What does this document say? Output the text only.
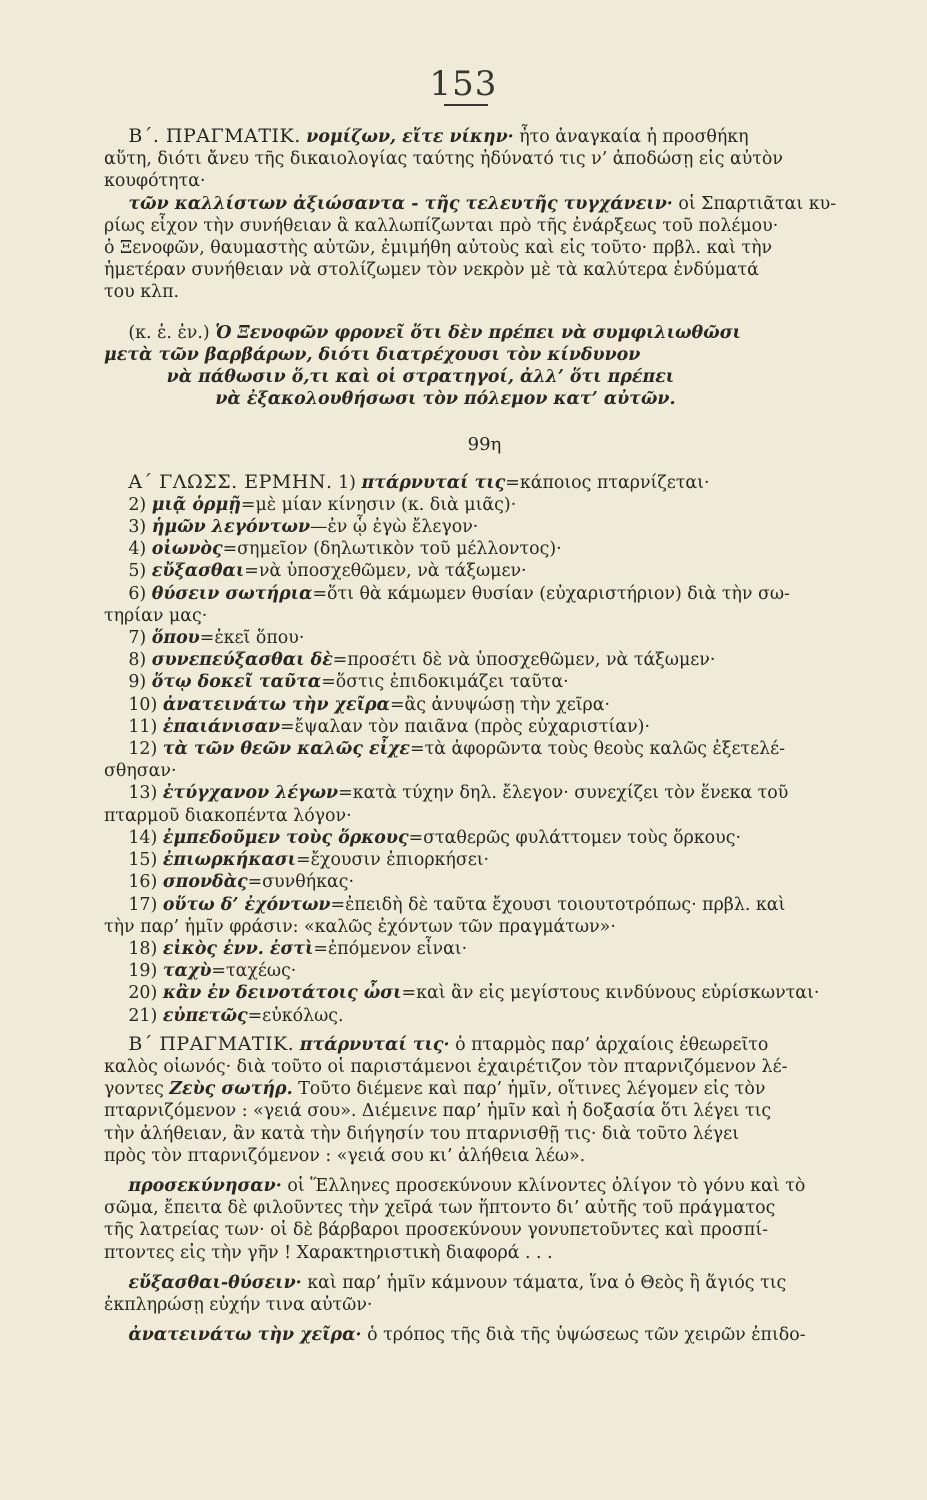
153

Β΄. ΠΡΑΓΜΑΤΙΚ. νομίζων, εἴτε νίκην· ἦτο ἀναγκαία ἡ προσθήκη

αὕτη, διότι ἄνευ τῆς δικαιολογίας ταύτης ἠδύνατό τις ν’ ἀποδώσῃ εἰς αὐτὸν

κουφότητα·

τῶν καλλίστων ἀξιώσαντα - τῆς τελευτῆς τυγχάνειν· οἱ Σπαρτιᾶται κυ-

ρίως εἶχον τὴν συνήθειαν ἃ καλλωπίζωνται πρὸ τῆς ἐνάρξεως τοῦ πολέμου·

ὁ Ξενοφῶν, θαυμαστὴς αὐτῶν, ἐμιμήθη αὐτοὺς καὶ εἰς τοῦτο· πρβλ. καὶ τὴν

ἡμετέραν συνήθειαν νὰ στολίζωμεν τὸν νεκρὸν μὲ τὰ καλύτερα ἐνδύματά

του κλπ.

(κ. ἑ. ἐν.) Ὁ Ξενοφῶν φρονεῖ ὅτι δὲν πρέπει νὰ συμφιλιωθῶσι

μετὰ τῶν βαρβάρων, διότι διατρέχουσι τὸν κίνδυνον

νὰ πάθωσιν ὅ,τι καὶ οἱ στρατηγοί, ἀλλ’ ὅτι πρέπει

νὰ ἐξακολουθήσωσι τὸν πόλεμον κατ’ αὐτῶν.

99η

Α΄ ΓΛΩΣΣ. ΕΡΜΗΝ. 1) πτάρνυταί τις=κάποιος πταρνίζεται·

2) μιᾷ ὁρμῇ=μὲ μίαν κίνησιν (κ. διὰ μιᾶς)·

3) ἡμῶν λεγόντων—ἐν ᾧ ἐγὼ ἔλεγον·

4) οἰωνὸς=σημεῖον (δηλωτικὸν τοῦ μέλλοντος)·

5) εὔξασθαι=νὰ ὑποσχεθῶμεν, νὰ τάξωμεν·

6) θύσειν σωτήρια=ὅτι θὰ κάμωμεν θυσίαν (εὐχαριστήριον) διὰ τὴν σω-

τηρίαν μας·

7) ὅπου=ἐκεῖ ὅπου·

8) συνεπεύξασθαι δὲ=προσέτι δὲ νὰ ὑποσχεθῶμεν, νὰ τάξωμεν·

9) ὅτῳ δοκεῖ ταῦτα=ὅστις ἐπιδοκιμάζει ταῦτα·

10) ἀνατεινάτω τὴν χεῖρα=ἂς ἀνυψώσῃ τὴν χεῖρα·

11) ἐπαιάνισαν=ἔψαλαν τὸν παιᾶνα (πρὸς εὐχαριστίαν)·

12) τὰ τῶν θεῶν καλῶς εἶχε=τὰ ἀφορῶντα τοὺς θεοὺς καλῶς ἐξετελέ-

σθησαν·

13) ἐτύγχανον λέγων=κατὰ τύχην δηλ. ἔλεγον· συνεχίζει τὸν ἕνεκα τοῦ

πταρμοῦ διακοπέντα λόγον·

14) ἐμπεδοῦμεν τοὺς ὅρκους=σταθερῶς φυλάττομεν τοὺς ὅρκους·

15) ἐπιωρκήκασι=ἔχουσιν ἐπιορκήσει·

16) σπονδὰς=συνθήκας·

17) οὕτω δ’ ἐχόντων=ἐπειδὴ δὲ ταῦτα ἔχουσι τοιουτοτρόπως· πρβλ. καὶ

τὴν παρ’ ἡμῖν φράσιν: «καλῶς ἐχόντων τῶν πραγμάτων»·

18) εἰκὸς ἐνν. ἐστὶ=ἐπόμενον εἶναι·

19) ταχὺ=ταχέως·

20) κἂν ἐν δεινοτάτοις ὦσι=καὶ ἂν εἰς μεγίστους κινδύνους εὑρίσκωνται·

21) εὐπετῶς=εὐκόλως.

Β΄ ΠΡΑΓΜΑΤΙΚ. πτάρνυταί τις· ὁ πταρμὸς παρ’ ἀρχαίοις ἐθεωρεῖτο

καλὸς οἰωνός· διὰ τοῦτο οἱ παριστάμενοι ἐχαιρέτιζον τὸν πταρνιζόμενον λέ-

γοντες Ζεὺς σωτήρ. Τοῦτο διέμενε καὶ παρ’ ἡμῖν, οἵτινες λέγομεν εἰς τὸν

πταρνιζόμενον : «γειά σου». Διέμεινε παρ’ ἡμῖν καὶ ἡ δοξασία ὅτι λέγει τις

τὴν ἀλήθειαν, ἂν κατὰ τὴν διήγησίν του πταρνισθῇ τις· διὰ τοῦτο λέγει

πρὸς τὸν πταρνιζόμενον : «γειά σου κι’ ἀλήθεια λέω».

προσεκύνησαν· οἱ Ἕλληνες προσεκύνουν κλίνοντες ὀλίγον τὸ γόνυ καὶ τὸ

σῶμα, ἔπειτα δὲ φιλοῦντες τὴν χεῖρά των ἥπτοντο δι’ αὐτῆς τοῦ πράγματος

τῆς λατρείας των· οἱ δὲ βάρβαροι προσεκύνουν γονυπετοῦντες καὶ προσπί-

πτοντες εἰς τὴν γῆν ! Χαρακτηριστικὴ διαφορά . . .

εὔξασθαι-θύσειν· καὶ παρ’ ἡμῖν κάμνουν τάματα, ἵνα ὁ Θεὸς ἢ ἅγιός τις

ἐκπληρώσῃ εὐχήν τινα αὐτῶν·

ἀνατεινάτω τὴν χεῖρα· ὁ τρόπος τῆς διὰ τῆς ὑψώσεως τῶν χειρῶν ἐπιδο-
